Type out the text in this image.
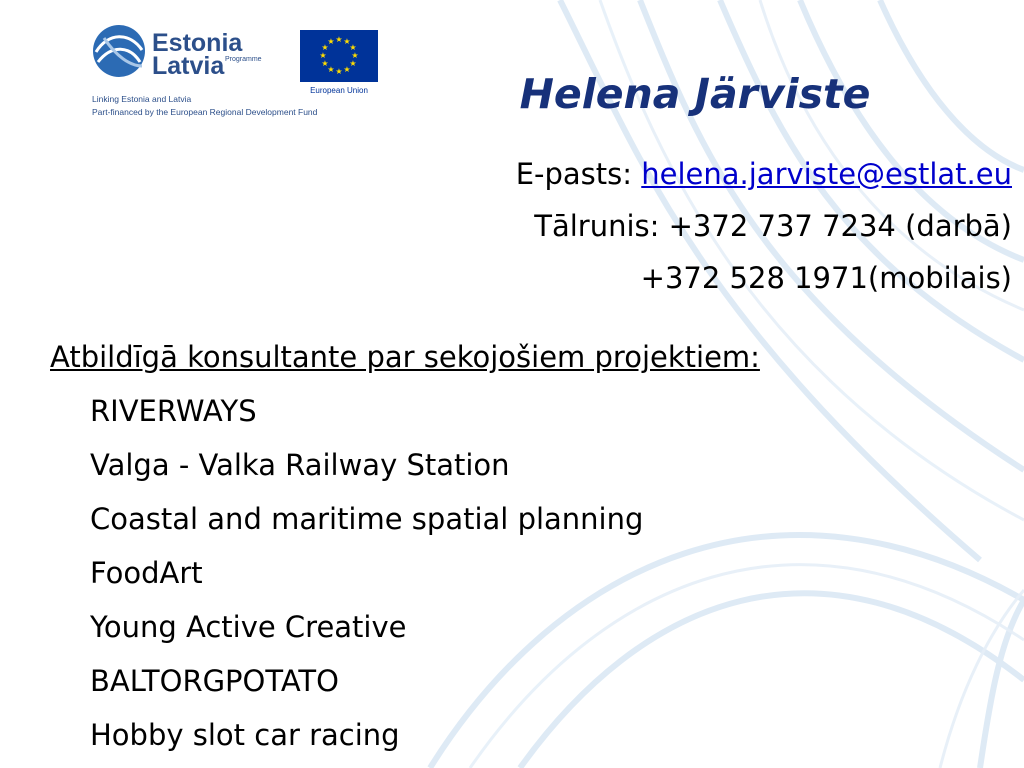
Estonia
Latvia Programme
★ ★
★
★
★
★
★
★
★
★
★
★
European Union
Linking Estonia and Latvia
Part-financed by the European Regional Development Fund	Helena Järviste
E-pasts: helena.jarviste@estlat.eu
Tālrunis: +372 737 7234 (darbā)
+372 528 1971(mobilais)
Atbildīgā konsultante par sekojošiem projektiem:
RIVERWAYS
Valga - Valka Railway Station
Coastal and maritime spatial planning
FoodArt
Young Active Creative
BALTORGPOTATO
Hobby slot car racing
